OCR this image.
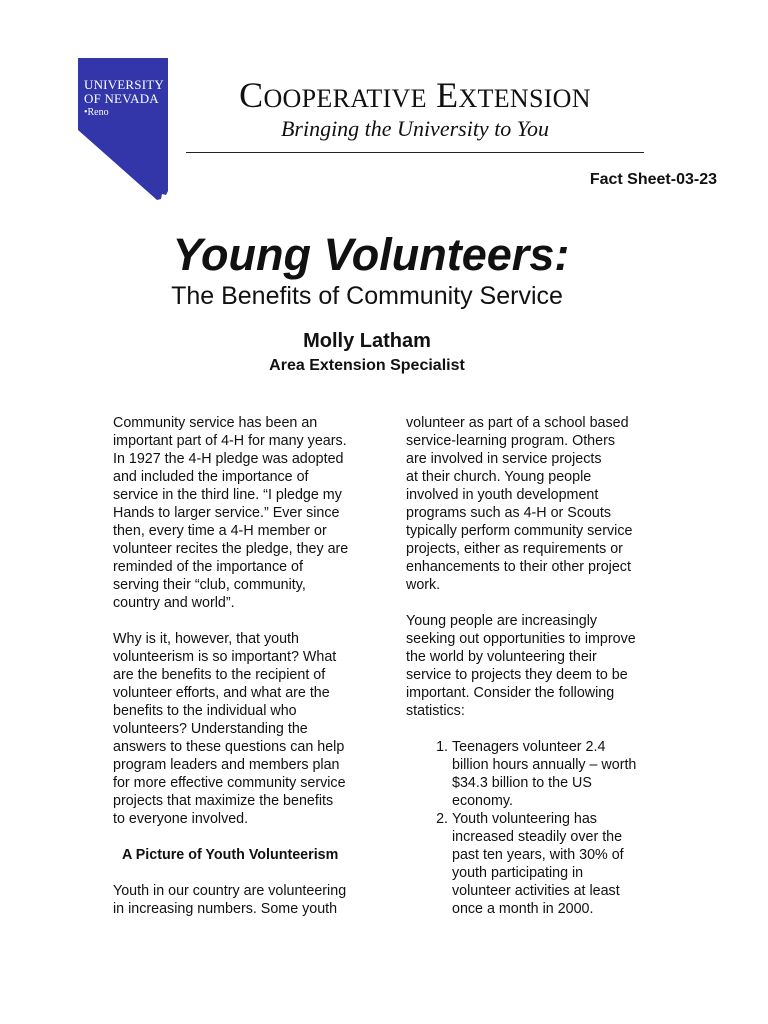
UNIVERSITY
OF NEVADA
•Reno	COOPERATIVE EXTENSION
Bringing the University to You
Fact Sheet-03-23
Young Volunteers:
The Benefits of Community Service
Molly Latham
Area Extension Specialist

Community service has been an
important part of 4-H for many years.
In 1927 the 4-H pledge was adopted
and included the importance of
service in the third line. “I pledge my
Hands to larger service.” Ever since
then, every time a 4-H member or
volunteer recites the pledge, they are
reminded of the importance of
serving their “club, community,
country and world”.

Why is it, however, that youth
volunteerism is so important? What
are the benefits to the recipient of
volunteer efforts, and what are the
benefits to the individual who
volunteers? Understanding the
answers to these questions can help
program leaders and members plan
for more effective community service
projects that maximize the benefits
to everyone involved.

A Picture of Youth Volunteerism

Youth in our country are volunteering
in increasing numbers. Some youth

volunteer as part of a school based
service-learning program. Others
are involved in service projects
at their church. Young people
involved in youth development
programs such as 4-H or Scouts
typically perform community service
projects, either as requirements or
enhancements to their other project
work.

Young people are increasingly
seeking out opportunities to improve
the world by volunteering their
service to projects they deem to be
important. Consider the following
statistics:

1. Teenagers volunteer 2.4
billion hours annually – worth
$34.3 billion to the US
economy.
2. Youth volunteering has
increased steadily over the
past ten years, with 30% of
youth participating in
volunteer activities at least
once a month in 2000.
